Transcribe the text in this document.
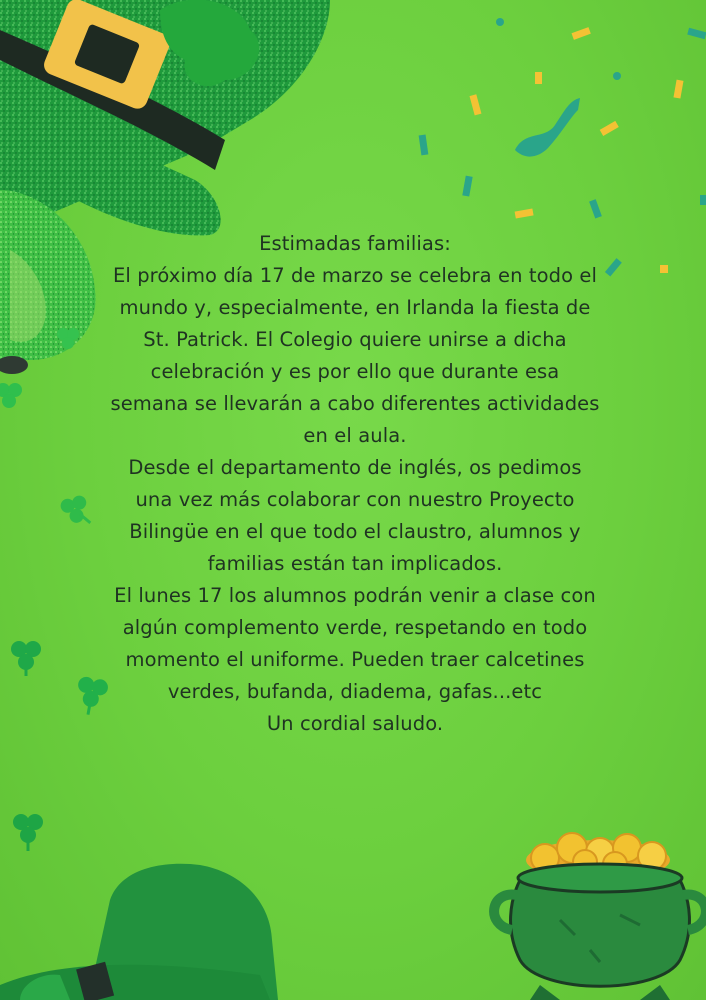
Estimadas familias:

El próximo día 17 de marzo se celebra en todo el mundo y, especialmente, en Irlanda la fiesta de St. Patrick. El Colegio quiere unirse a dicha celebración y es por ello que durante esa semana se llevarán a cabo diferentes actividades en el aula.

Desde el departamento de inglés, os pedimos una vez más colaborar con nuestro Proyecto Bilingüe en el que todo el claustro, alumnos y familias están tan implicados.

El lunes 17 los alumnos podrán venir a clase con algún complemento verde, respetando en todo momento el uniforme. Pueden traer calcetines verdes, bufanda, diadema, gafas...etc

Un cordial saludo.
